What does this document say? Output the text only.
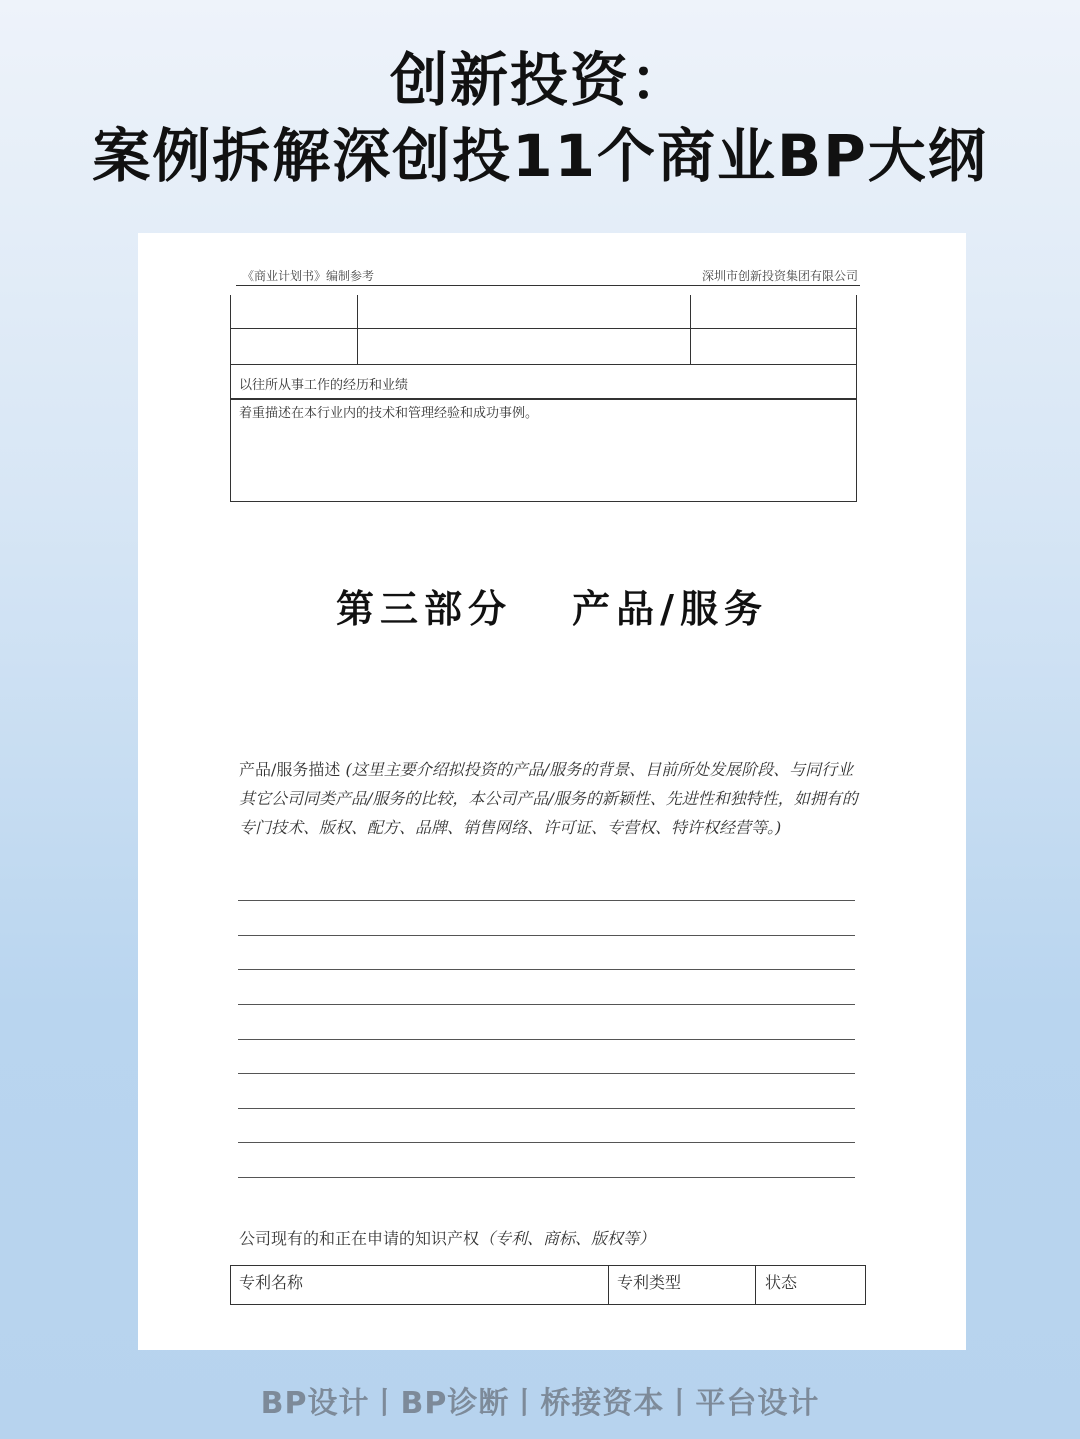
创新投资：
案例拆解深创投11个商业BP大纲
《商业计划书》编制参考	深圳市创新投资集团有限公司
以往所从事工作的经历和业绩
着重描述在本行业内的技术和管理经验和成功事例。
第三部分 产品/服务
产品/服务描述 (这里主要介绍拟投资的产品/服务的背景、目前所处发展阶段、与同行业其它公司同类产品/服务的比较，本公司产品/服务的新颖性、先进性和独特性，如拥有的专门技术、版权、配方、品牌、销售网络、许可证、专营权、特许权经营等。)
公司现有的和正在申请的知识产权（专利、商标、版权等）
专利名称	专利类型	状态
BP设计丨BP诊断丨桥接资本丨平台设计
